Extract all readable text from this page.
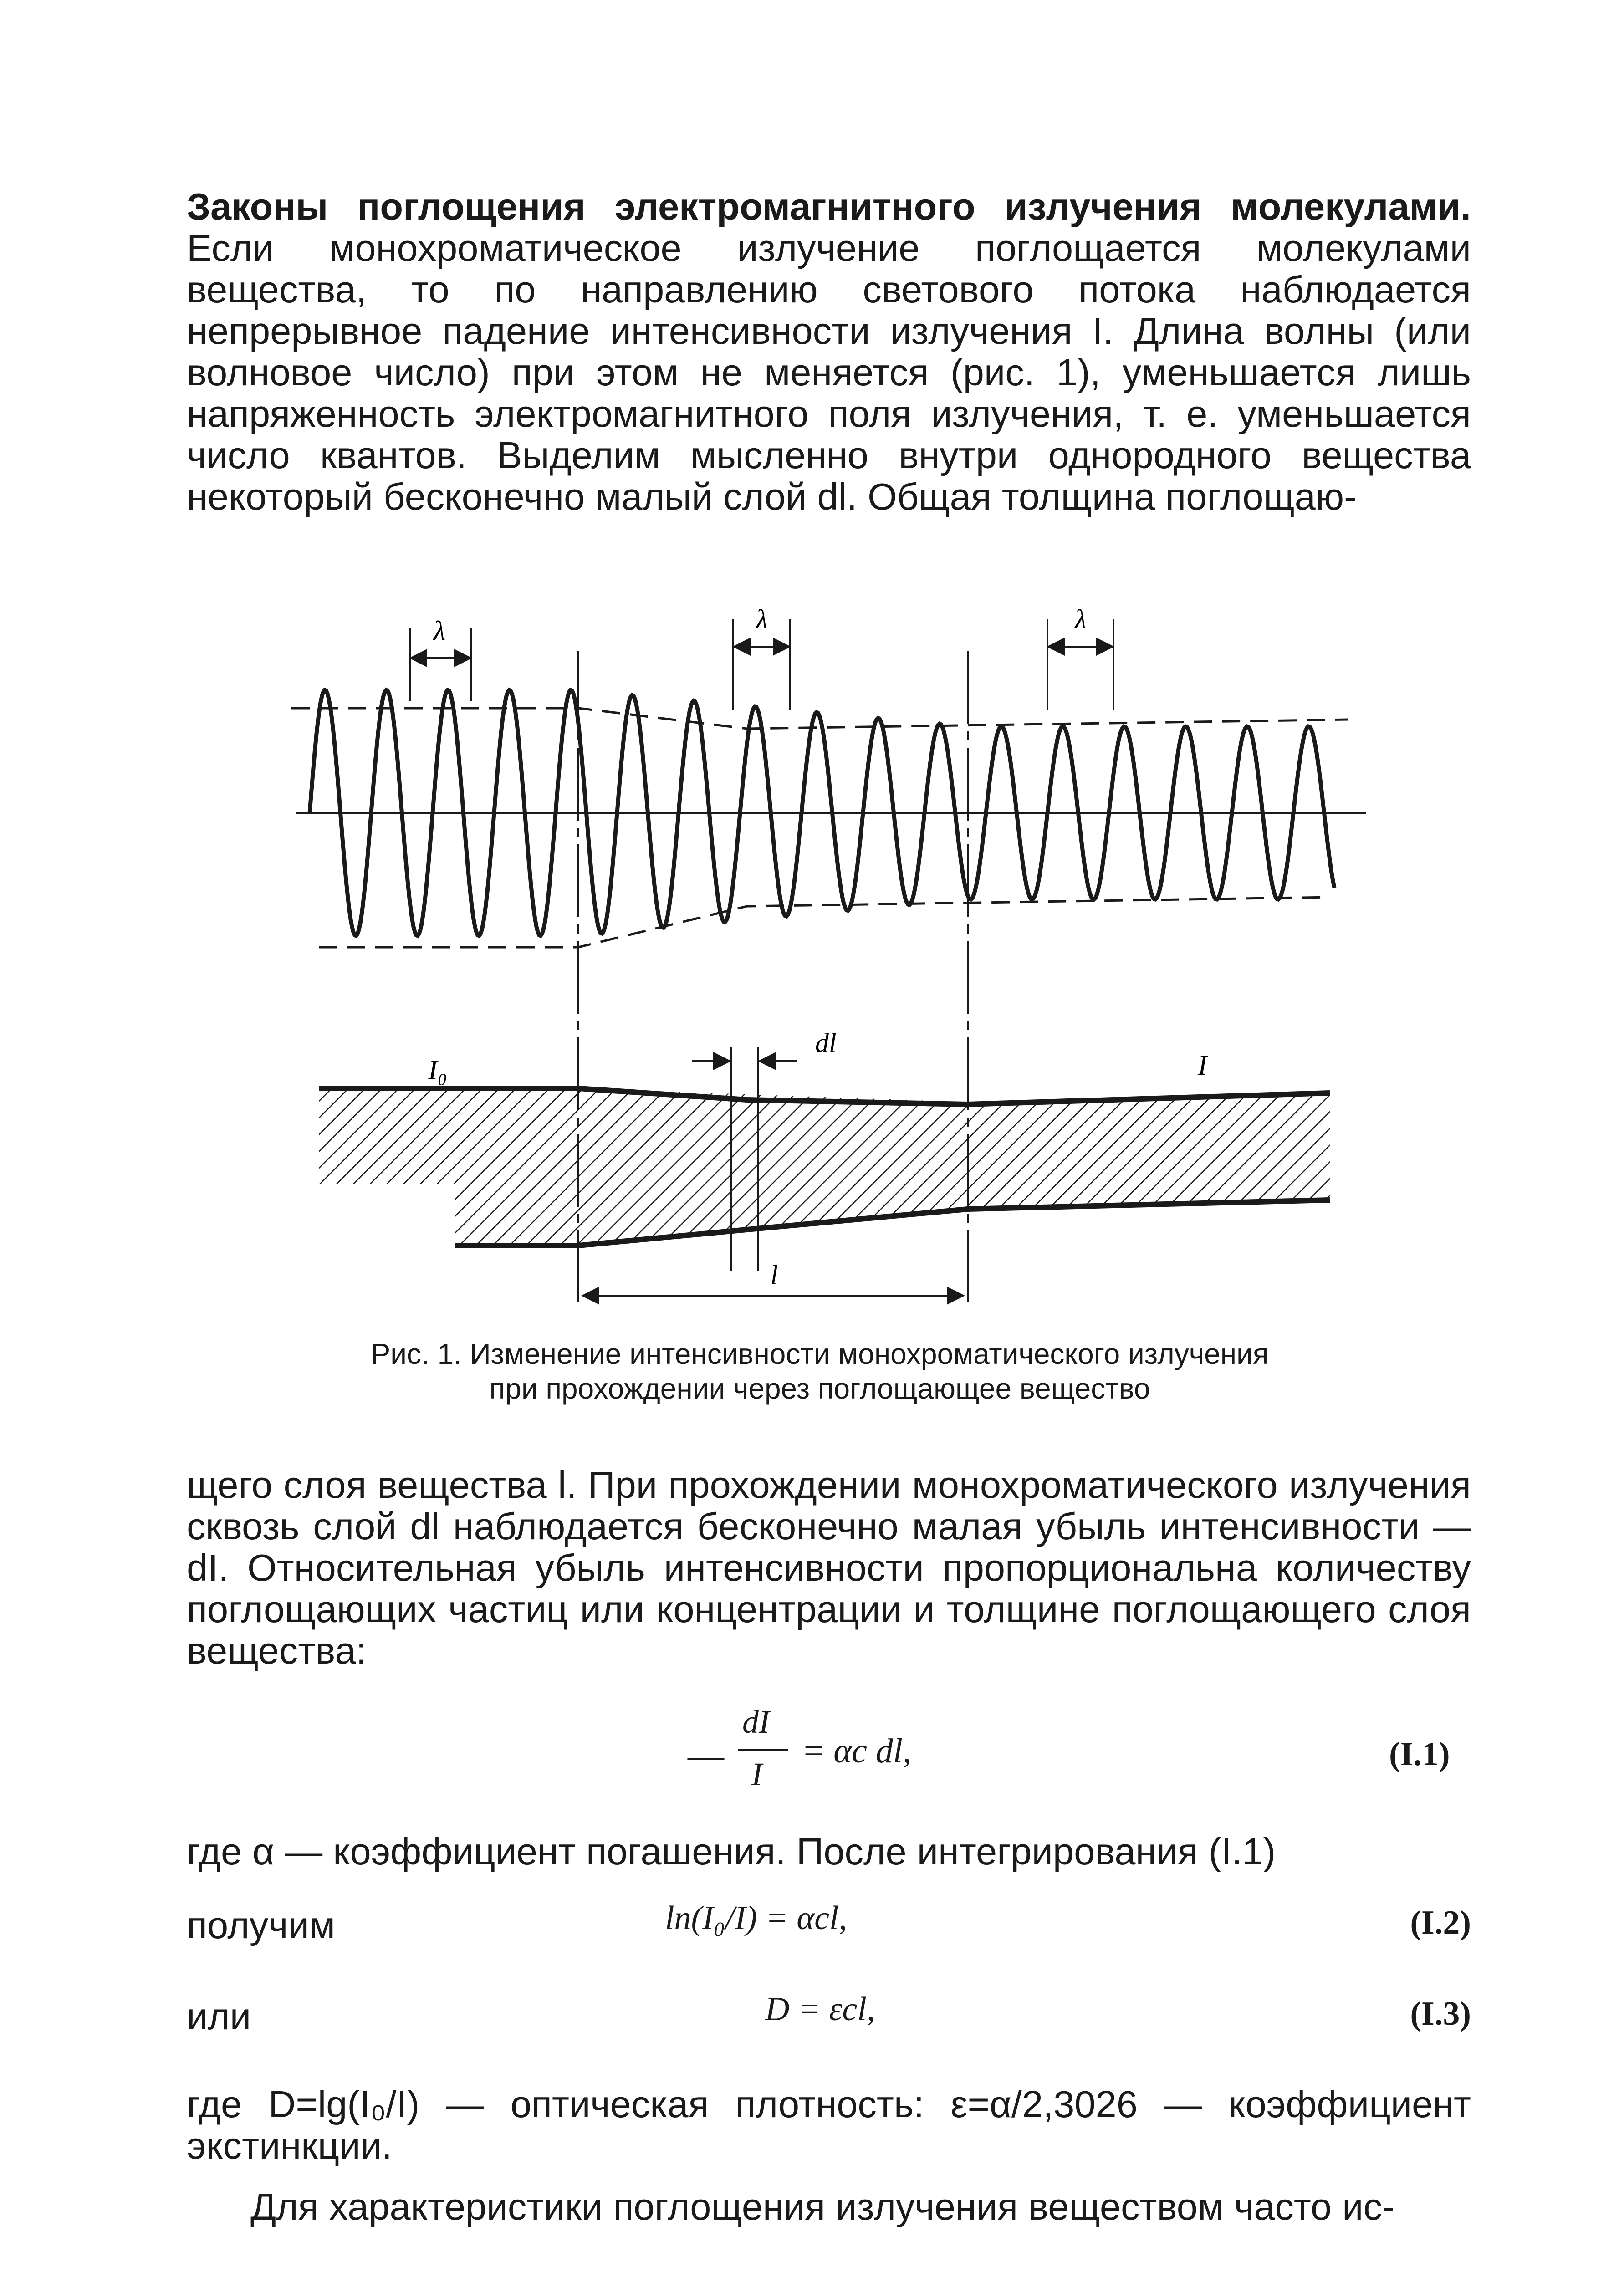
Законы поглощения электромагнитного излучения молекулами. Если монохроматическое излучение поглощается молекулами вещества, то по направлению светового потока наблюдается непрерывное падение интенсивности излучения I. Длина волны (или волновое число) при этом не меняется (рис. 1), уменьшается лишь напряженность электромагнитного поля излучения, т. е. уменьшается число квантов. Выделим мысленно внутри однородного вещества некоторый бесконечно малый слой dl. Общая толщина поглощаю-
λ	λ	λ
dl
I₀	I
l
Рис. 1. Изменение интенсивности монохроматического излучения
при прохождении через поглощающее вещество
щего слоя вещества l. При прохождении монохроматического излучения сквозь слой dl наблюдается бесконечно малая убыль интенсивности —dI. Относительная убыль интенсивности пропорциональна количеству поглощающих частиц или концентрации и толщине поглощающего слоя вещества:
—
dI
I
= αc dl,	(I.1)
где α — коэффициент погашения. После интегрирования (I.1)
получим	ln(I₀/I) = αcl,	(I.2)
или	D = εcl,	(I.3)
где D=lg(I₀/I) — оптическая плотность: ε=α/2,3026 — коэффициент экстинкции.
Для характеристики поглощения излучения веществом часто ис-
